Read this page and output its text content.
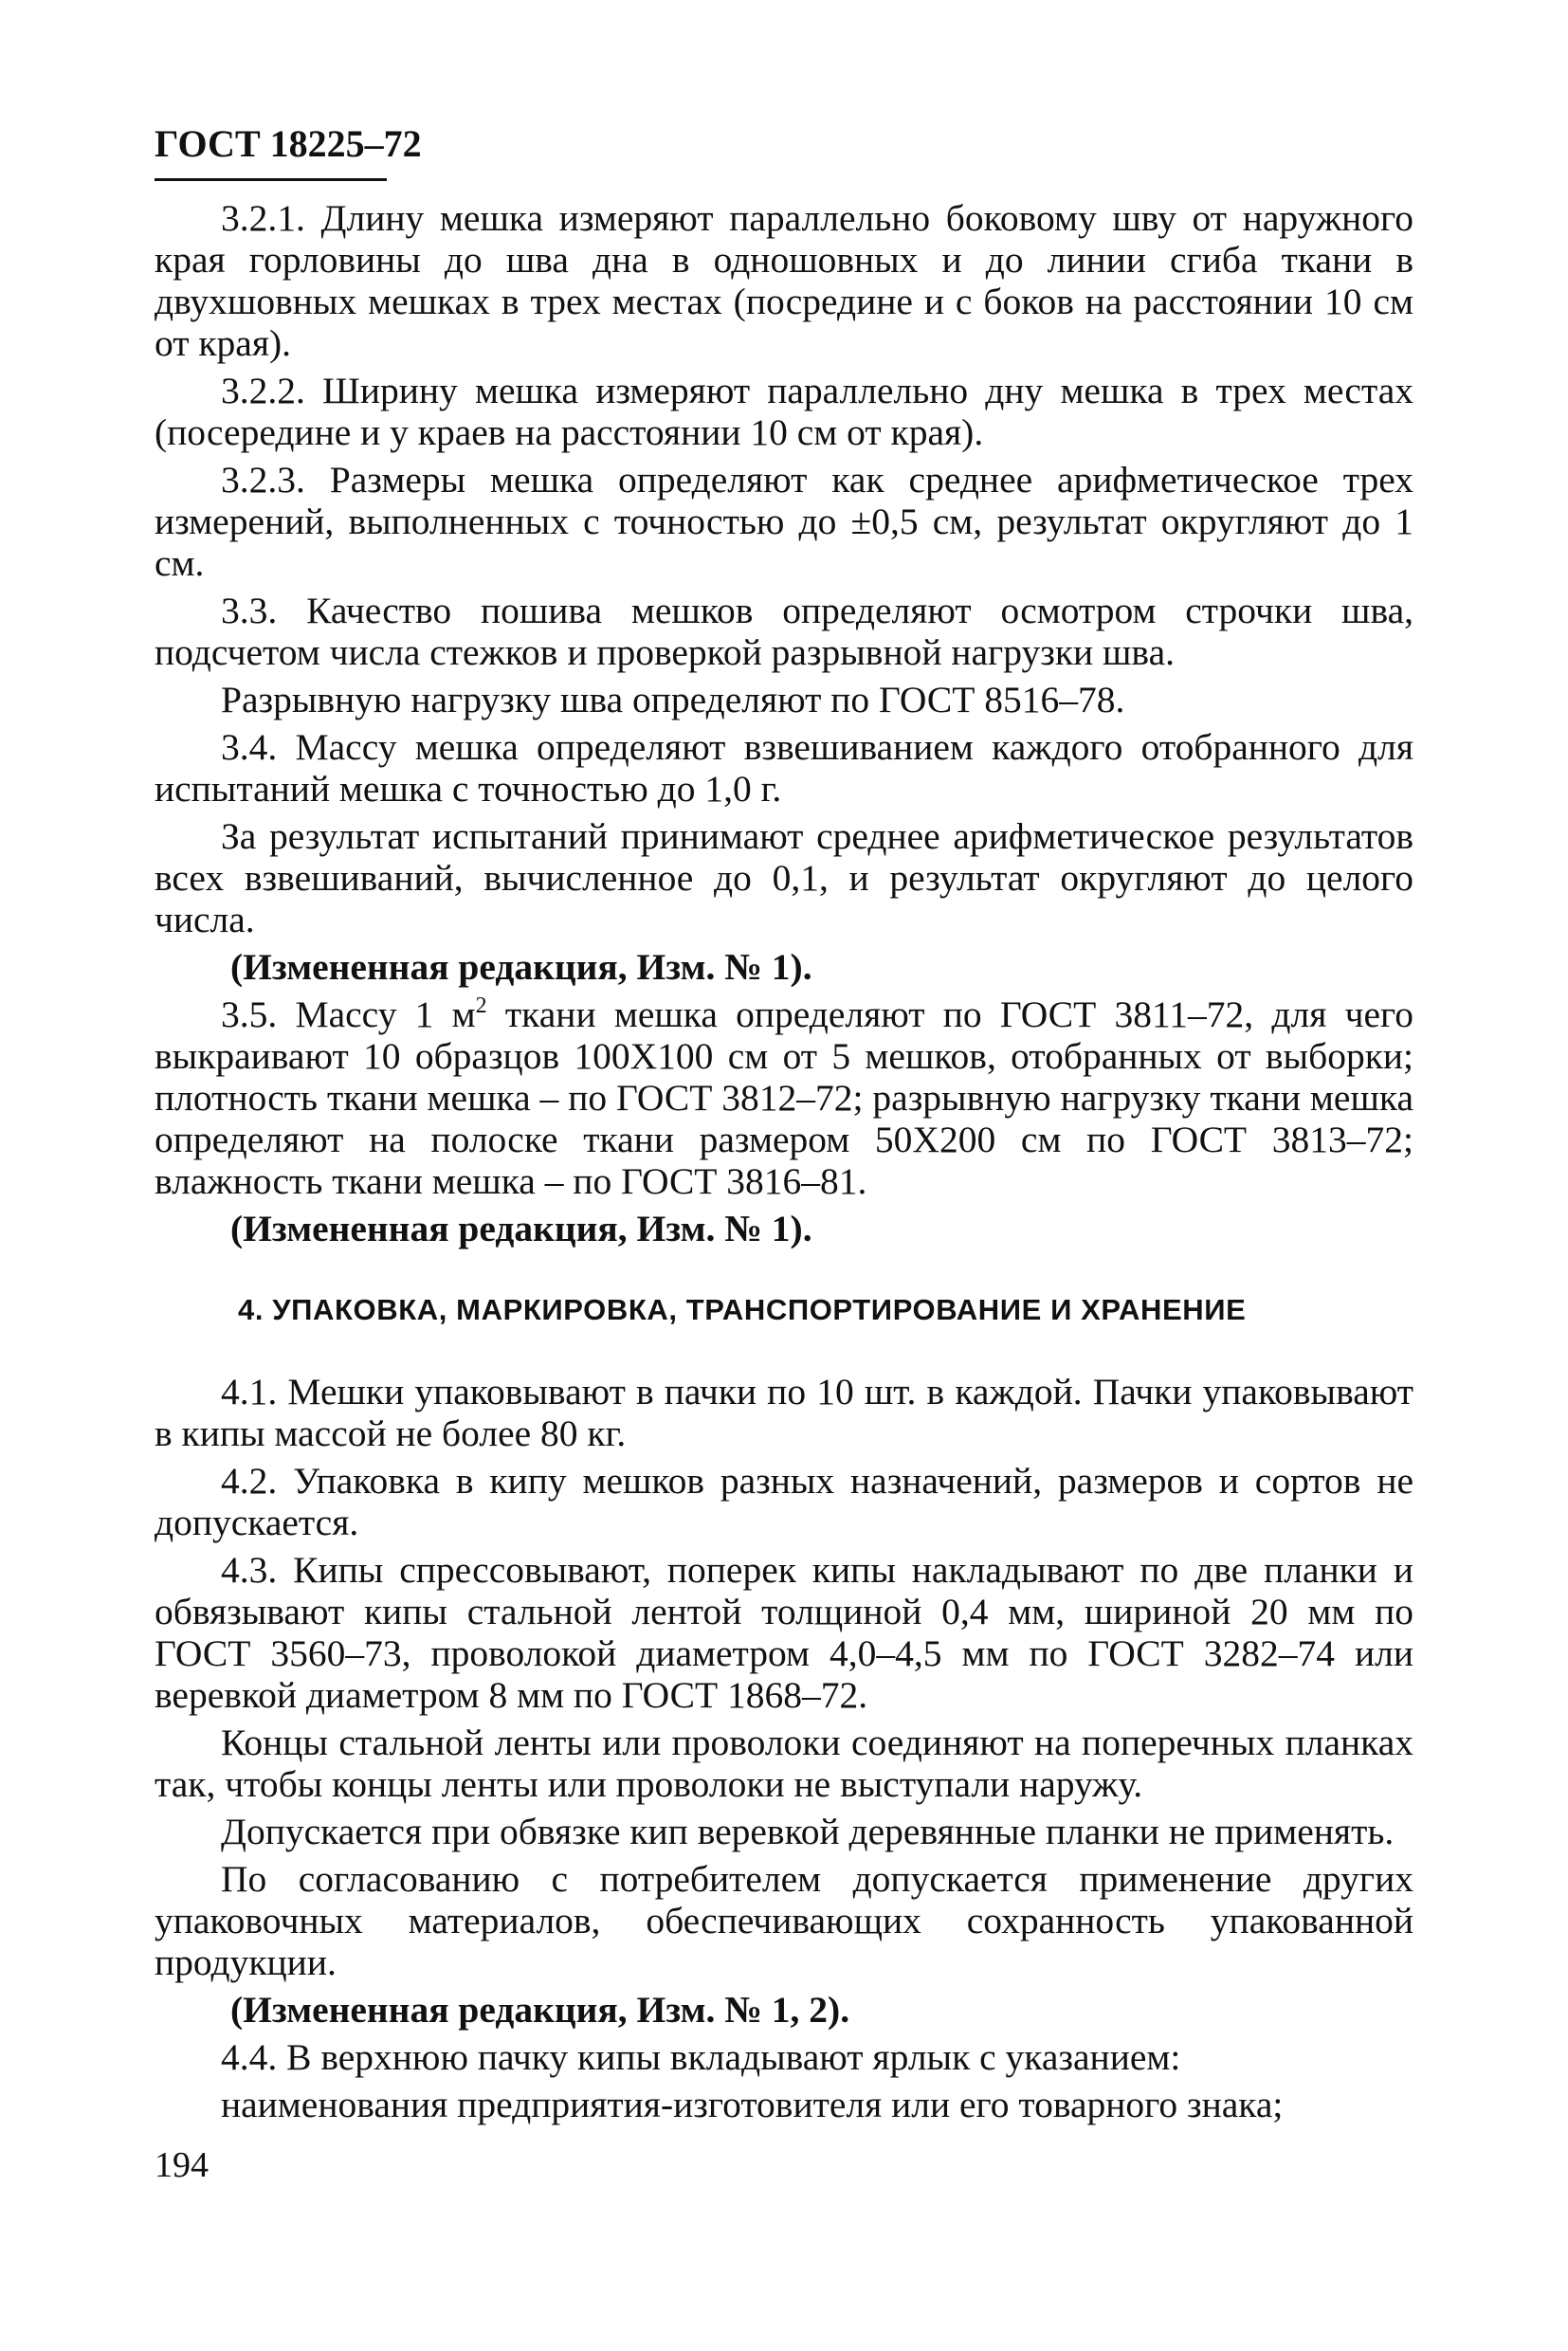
ГОСТ 18225–72

3.2.1. Длину мешка измеряют параллельно боковому шву от наружного края горловины до шва дна в одношовных и до линии сгиба ткани в двухшовных мешках в трех местах (посредине и с боков на расстоянии 10 см от края).

3.2.2. Ширину мешка измеряют параллельно дну мешка в трех местах (посередине и у краев на расстоянии 10 см от края).

3.2.3. Размеры мешка определяют как среднее арифметическое трех измерений, выполненных с точностью до ±0,5 см, результат округляют до 1 см.

3.3. Качество пошива мешков определяют осмотром строчки шва, подсчетом числа стежков и проверкой разрывной нагрузки шва.

Разрывную нагрузку шва определяют по ГОСТ 8516–78.

3.4. Массу мешка определяют взвешиванием каждого отобранного для испытаний мешка с точностью до 1,0 г.

За результат испытаний принимают среднее арифметическое результатов всех взвешиваний, вычисленное до 0,1, и результат округляют до целого числа.

(Измененная редакция, Изм. № 1).

3.5. Массу 1 $м^2$ ткани мешка определяют по ГОСТ 3811–72, для чего выкраивают 10 образцов 100Х100 см от 5 мешков, отобранных от выборки; плотность ткани мешка – по ГОСТ 3812–72; разрывную нагрузку ткани мешка определяют на полоске ткани размером 50Х200 см по ГОСТ 3813–72; влажность ткани мешка – по ГОСТ 3816–81.

(Измененная редакция, Изм. № 1).

4. УПАКОВКА, МАРКИРОВКА, ТРАНСПОРТИРОВАНИЕ И ХРАНЕНИЕ

4.1. Мешки упаковывают в пачки по 10 шт. в каждой. Пачки упаковывают в кипы массой не более 80 кг.

4.2. Упаковка в кипу мешков разных назначений, размеров и сортов не допускается.

4.3. Кипы спрессовывают, поперек кипы накладывают по две планки и обвязывают кипы стальной лентой толщиной 0,4 мм, шириной 20 мм по ГОСТ 3560–73, проволокой диаметром 4,0–4,5 мм по ГОСТ 3282–74 или веревкой диаметром 8 мм по ГОСТ 1868–72.

Концы стальной ленты или проволоки соединяют на поперечных планках так, чтобы концы ленты или проволоки не выступали наружу.

Допускается при обвязке кип веревкой деревянные планки не применять.

По согласованию с потребителем допускается применение других упаковочных материалов, обеспечивающих сохранность упакованной продукции.

(Измененная редакция, Изм. № 1, 2).

4.4. В верхнюю пачку кипы вкладывают ярлык с указанием:

наименования предприятия-изготовителя или его товарного знака;

194
